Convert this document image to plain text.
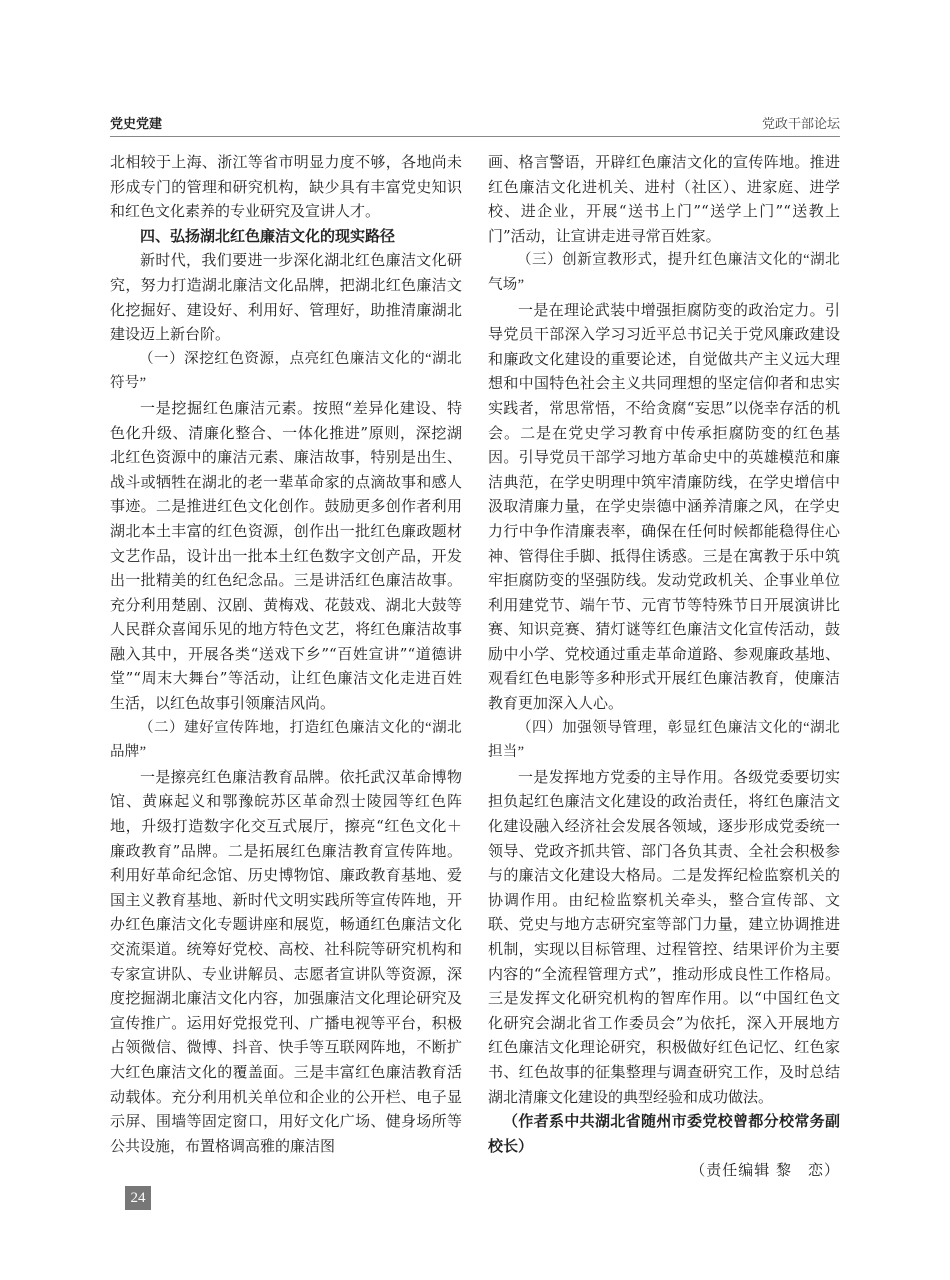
党史党建	党政干部论坛

北相较于上海、浙江等省市明显力度不够，各地尚未形成专门的管理和研究机构，缺少具有丰富党史知识和红色文化素养的专业研究及宣讲人才。

四、弘扬湖北红色廉洁文化的现实路径

新时代，我们要进一步深化湖北红色廉洁文化研究，努力打造湖北廉洁文化品牌，把湖北红色廉洁文化挖掘好、建设好、利用好、管理好，助推清廉湖北建设迈上新台阶。

（一）深挖红色资源，点亮红色廉洁文化的“湖北符号”

一是挖掘红色廉洁元素。按照“差异化建设、特色化升级、清廉化整合、一体化推进”原则，深挖湖北红色资源中的廉洁元素、廉洁故事，特别是出生、战斗或牺牲在湖北的老一辈革命家的点滴故事和感人事迹。二是推进红色文化创作。鼓励更多创作者利用湖北本土丰富的红色资源，创作出一批红色廉政题材文艺作品，设计出一批本土红色数字文创产品，开发出一批精美的红色纪念品。三是讲活红色廉洁故事。充分利用楚剧、汉剧、黄梅戏、花鼓戏、湖北大鼓等人民群众喜闻乐见的地方特色文艺，将红色廉洁故事融入其中，开展各类“送戏下乡”“百姓宣讲”“道德讲堂”“周末大舞台”等活动，让红色廉洁文化走进百姓生活，以红色故事引领廉洁风尚。

（二）建好宣传阵地，打造红色廉洁文化的“湖北品牌”

一是擦亮红色廉洁教育品牌。依托武汉革命博物馆、黄麻起义和鄂豫皖苏区革命烈士陵园等红色阵地，升级打造数字化交互式展厅，擦亮“红色文化＋廉政教育”品牌。二是拓展红色廉洁教育宣传阵地。利用好革命纪念馆、历史博物馆、廉政教育基地、爱国主义教育基地、新时代文明实践所等宣传阵地，开办红色廉洁文化专题讲座和展览，畅通红色廉洁文化交流渠道。统筹好党校、高校、社科院等研究机构和专家宣讲队、专业讲解员、志愿者宣讲队等资源，深度挖掘湖北廉洁文化内容，加强廉洁文化理论研究及宣传推广。运用好党报党刊、广播电视等平台，积极占领微信、微博、抖音、快手等互联网阵地，不断扩大红色廉洁文化的覆盖面。三是丰富红色廉洁教育活动载体。充分利用机关单位和企业的公开栏、电子显示屏、围墙等固定窗口，用好文化广场、健身场所等公共设施，布置格调高雅的廉洁图

画、格言警语，开辟红色廉洁文化的宣传阵地。推进红色廉洁文化进机关、进村（社区）、进家庭、进学校、进企业，开展“送书上门”“送学上门”“送教上门”活动，让宣讲走进寻常百姓家。

（三）创新宣教形式，提升红色廉洁文化的“湖北气场”

一是在理论武装中增强拒腐防变的政治定力。引导党员干部深入学习习近平总书记关于党风廉政建设和廉政文化建设的重要论述，自觉做共产主义远大理想和中国特色社会主义共同理想的坚定信仰者和忠实实践者，常思常悟，不给贪腐“妄思”以侥幸存活的机会。二是在党史学习教育中传承拒腐防变的红色基因。引导党员干部学习地方革命史中的英雄模范和廉洁典范，在学史明理中筑牢清廉防线，在学史增信中汲取清廉力量，在学史崇德中涵养清廉之风，在学史力行中争作清廉表率，确保在任何时候都能稳得住心神、管得住手脚、抵得住诱惑。三是在寓教于乐中筑牢拒腐防变的坚强防线。发动党政机关、企事业单位利用建党节、端午节、元宵节等特殊节日开展演讲比赛、知识竞赛、猜灯谜等红色廉洁文化宣传活动，鼓励中小学、党校通过重走革命道路、参观廉政基地、观看红色电影等多种形式开展红色廉洁教育，使廉洁教育更加深入人心。

（四）加强领导管理，彰显红色廉洁文化的“湖北担当”

一是发挥地方党委的主导作用。各级党委要切实担负起红色廉洁文化建设的政治责任，将红色廉洁文化建设融入经济社会发展各领域，逐步形成党委统一领导、党政齐抓共管、部门各负其责、全社会积极参与的廉洁文化建设大格局。二是发挥纪检监察机关的协调作用。由纪检监察机关牵头，整合宣传部、文联、党史与地方志研究室等部门力量，建立协调推进机制，实现以目标管理、过程管控、结果评价为主要内容的“全流程管理方式”，推动形成良性工作格局。三是发挥文化研究机构的智库作用。以“中国红色文化研究会湖北省工作委员会”为依托，深入开展地方红色廉洁文化理论研究，积极做好红色记忆、红色家书、红色故事的征集整理与调查研究工作，及时总结湖北清廉文化建设的典型经验和成功做法。

（作者系中共湖北省随州市委党校曾都分校常务副校长）

（责任编辑 黎　恋）

24
